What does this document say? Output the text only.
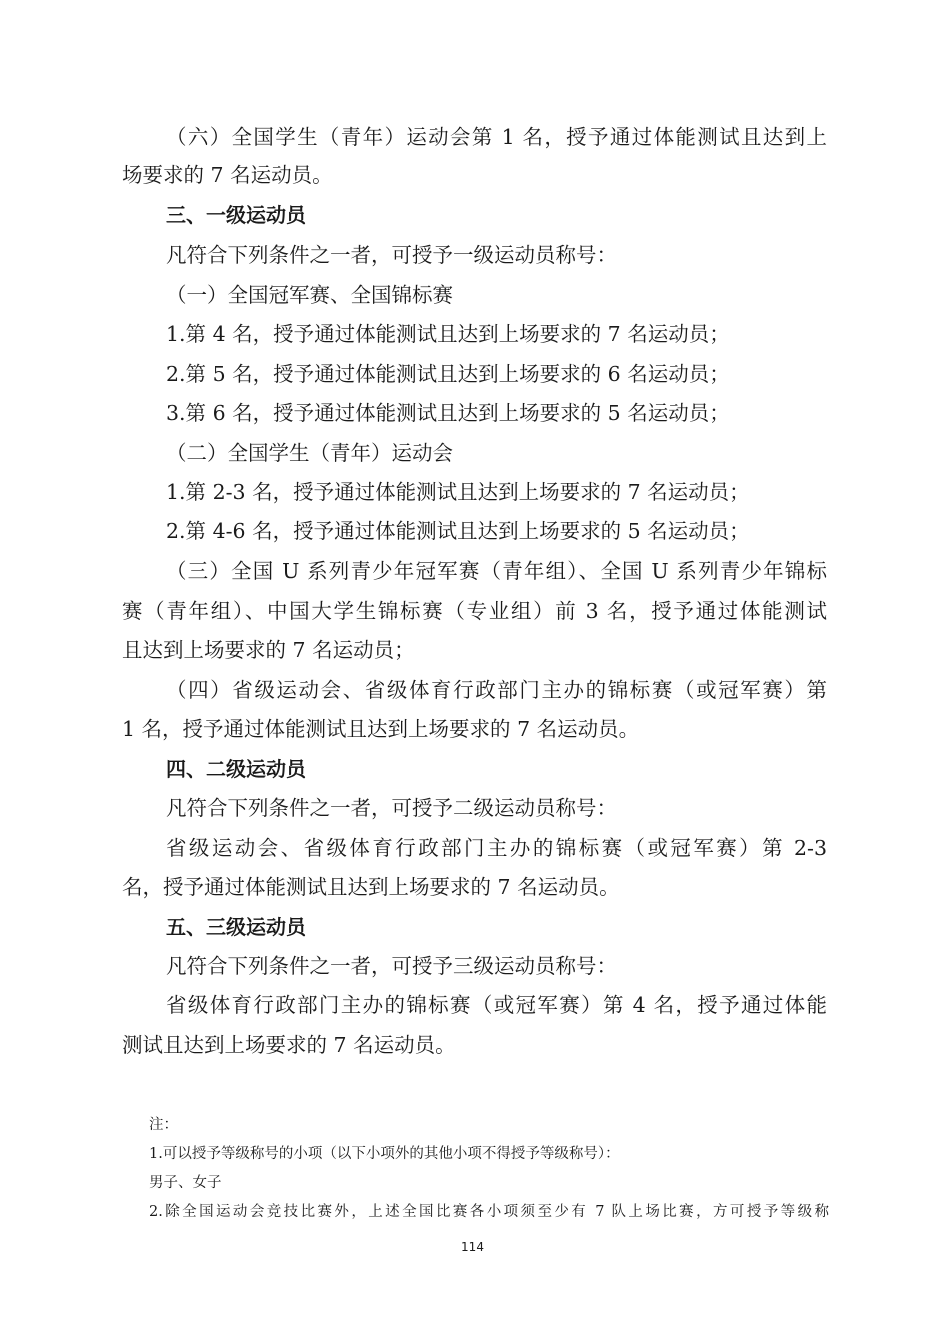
（六）全国学生（青年）运动会第 1 名，授予通过体能测试且达到上
场要求的 7 名运动员。
三、一级运动员
凡符合下列条件之一者，可授予一级运动员称号：
（一）全国冠军赛、全国锦标赛
1.第 4 名，授予通过体能测试且达到上场要求的 7 名运动员；
2.第 5 名，授予通过体能测试且达到上场要求的 6 名运动员；
3.第 6 名，授予通过体能测试且达到上场要求的 5 名运动员；
（二）全国学生（青年）运动会
1.第 2-3 名，授予通过体能测试且达到上场要求的 7 名运动员；
2.第 4-6 名，授予通过体能测试且达到上场要求的 5 名运动员；
（三）全国 U 系列青少年冠军赛（青年组）、全国 U 系列青少年锦标
赛（青年组）、中国大学生锦标赛（专业组）前 3 名，授予通过体能测试
且达到上场要求的 7 名运动员；
（四）省级运动会、省级体育行政部门主办的锦标赛（或冠军赛）第
1 名，授予通过体能测试且达到上场要求的 7 名运动员。
四、二级运动员
凡符合下列条件之一者，可授予二级运动员称号：
省级运动会、省级体育行政部门主办的锦标赛（或冠军赛）第 2-3
名，授予通过体能测试且达到上场要求的 7 名运动员。
五、三级运动员
凡符合下列条件之一者，可授予三级运动员称号：
省级体育行政部门主办的锦标赛（或冠军赛）第 4 名，授予通过体能
测试且达到上场要求的 7 名运动员。
注：
1.可以授予等级称号的小项（以下小项外的其他小项不得授予等级称号）：
男子、女子
2.除全国运动会竞技比赛外，上述全国比赛各小项须至少有 7 队上场比赛，方可授予等级称
114
